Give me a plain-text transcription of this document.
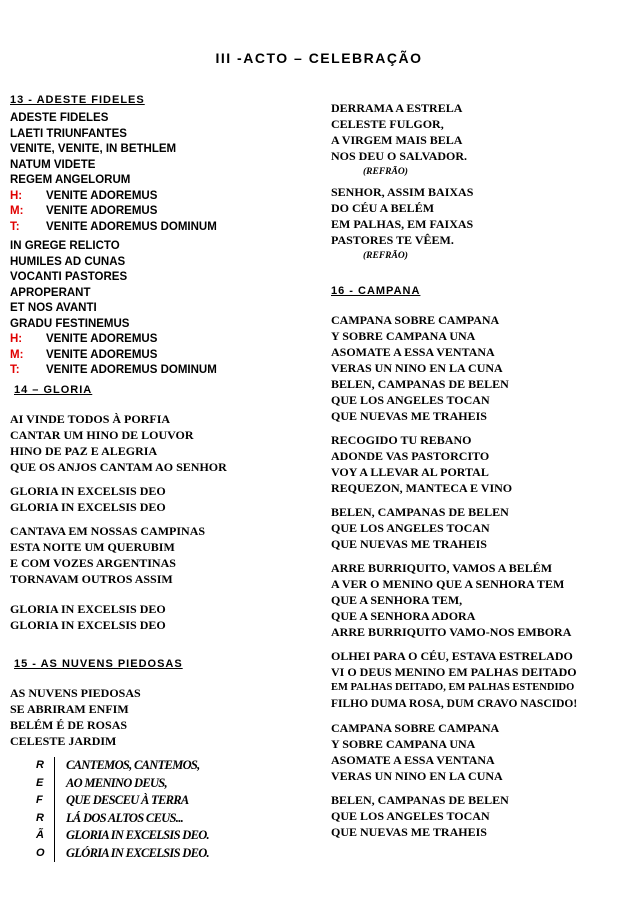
III -ACTO – CELEBRAÇÃO
13 - ADESTE FIDELES
ADESTE FIDELES
LAETI TRIUNFANTES
VENITE, VENITE, IN BETHLEM
NATUM VIDETE
REGEM ANGELORUM
H: VENITE ADOREMUS
M: VENITE ADOREMUS
T: VENITE ADOREMUS DOMINUM
IN GREGE RELICTO
HUMILES AD CUNAS
VOCANTI PASTORES
APROPERANT
ET NOS AVANTI
GRADU FESTINEMUS
H: VENITE ADOREMUS
M: VENITE ADOREMUS
T: VENITE ADOREMUS DOMINUM
14 – GLORIA
AI VINDE TODOS À PORFIA
CANTAR UM HINO DE LOUVOR
HINO DE PAZ E ALEGRIA
QUE OS ANJOS CANTAM AO SENHOR
GLORIA IN EXCELSIS DEO
GLORIA IN EXCELSIS DEO
CANTAVA EM NOSSAS CAMPINAS
ESTA NOITE UM QUERUBIM
E COM VOZES ARGENTINAS
TORNAVAM OUTROS ASSIM
GLORIA IN EXCELSIS DEO
GLORIA IN EXCELSIS DEO
15 - AS NUVENS PIEDOSAS
AS NUVENS PIEDOSAS
SE ABRIRAM ENFIM
BELÉM É DE ROSAS
CELESTE JARDIM
R
E
F
R
Ã
O
CANTEMOS, CANTEMOS,
AO MENINO DEUS,
QUE DESCEU À TERRA
LÁ DOS ALTOS CEUS...
GLORIA IN EXCELSIS DEO.
GLÓRIA IN EXCELSIS DEO.
DERRAMA A ESTRELA
CELESTE FULGOR,
A VIRGEM MAIS BELA
NOS DEU O SALVADOR.
(REFRÃO)
SENHOR, ASSIM BAIXAS
DO CÉU A BELÉM
EM PALHAS, EM FAIXAS
PASTORES TE VÊEM.
(REFRÃO)
16 - CAMPANA
CAMPANA SOBRE CAMPANA
Y SOBRE CAMPANA UNA
ASOMATE A ESSA VENTANA
VERAS UN NINO EN LA CUNA
BELEN, CAMPANAS DE BELEN
QUE LOS ANGELES TOCAN
QUE NUEVAS ME TRAHEIS
RECOGIDO TU REBANO
ADONDE VAS PASTORCITO
VOY A LLEVAR AL PORTAL
REQUEZON, MANTECA E VINO
BELEN, CAMPANAS DE BELEN
QUE LOS ANGELES TOCAN
QUE NUEVAS ME TRAHEIS
ARRE BURRIQUITO, VAMOS A BELÉM
A VER O MENINO QUE A SENHORA TEM
QUE A SENHORA TEM,
QUE A SENHORA ADORA
ARRE BURRIQUITO VAMO-NOS EMBORA
OLHEI PARA O CÉU, ESTAVA ESTRELADO
VI O DEUS MENINO EM PALHAS DEITADO
EM PALHAS DEITADO, EM PALHAS ESTENDIDO
FILHO DUMA ROSA, DUM CRAVO NASCIDO!
CAMPANA SOBRE CAMPANA
Y SOBRE CAMPANA UNA
ASOMATE A ESSA VENTANA
VERAS UN NINO EN LA CUNA
BELEN, CAMPANAS DE BELEN
QUE LOS ANGELES TOCAN
QUE NUEVAS ME TRAHEIS
